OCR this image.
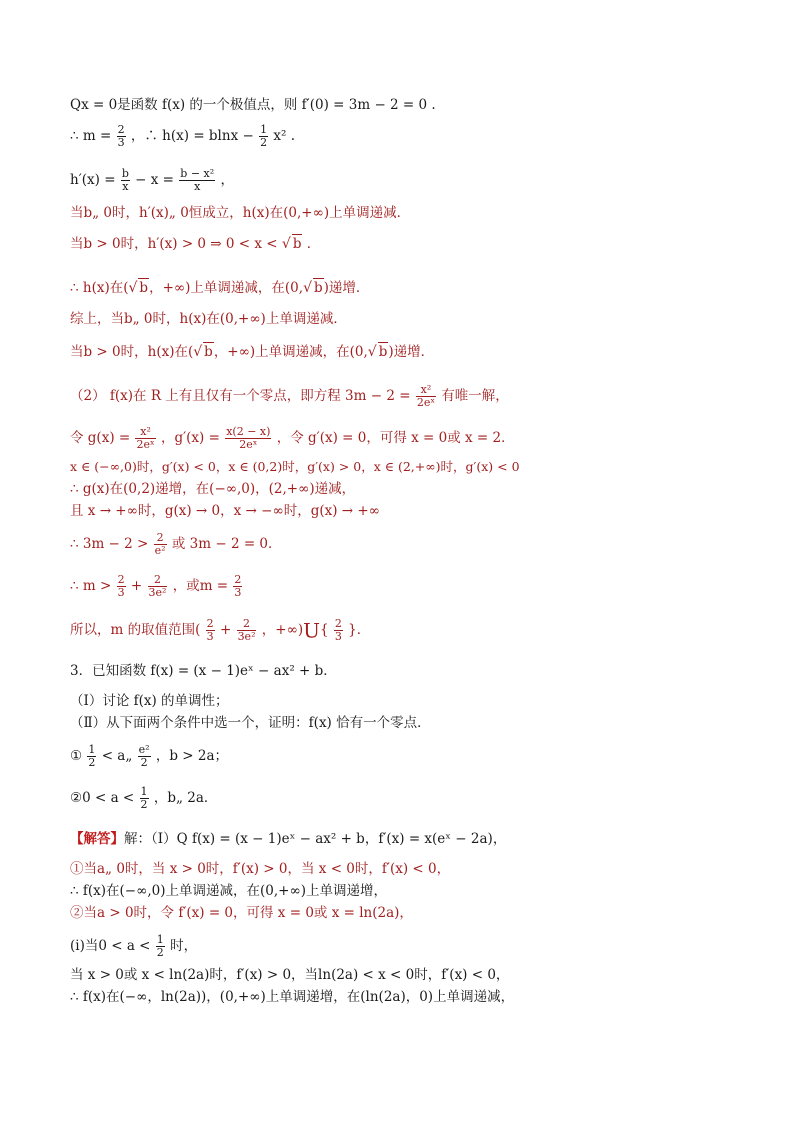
Qx = 0是函数 f(x) 的一个极值点，则 f′(0) = 3m − 2 = 0 .
∴ $m = \frac{2}{3}$ ，∴ $h(x) = blnx - \frac{1}{2} x^2$ .
$h'(x) = \frac{b}{x} - x = \frac{\text{b − x²}}{x}$ ，
当b„ 0时，h′(x)„ 0恒成立，h(x)在(0,+∞)上单调递减．
当b > 0时，h′(x) > 0 ⇒ 0 < x < √ b ．
∴ h(x)在(√ b，+∞)上单调递减，在(0,√ b)递增．
综上，当b„ 0时，h(x)在(0,+∞)上单调递减．
当b > 0时，h(x)在(√ b，+∞)上单调递减，在(0,√ b)递增．
（2） f(x)在 R 上有且仅有一个零点，即方程 $3m - 2 = \frac{\text{x²}}{\text{2eˣ}}$ 有唯一解，
令 $g(x) = \frac{\text{x²}}{\text{2eˣ}}$ ，$g'(x) = \frac{x(2 - x)}{\text{2eˣ}}$ ，令 g′(x) = 0，可得 x = 0或 x = 2．
x ∈ (−∞,0)时，g′(x) < 0，x ∈ (0,2)时，g′(x) > 0，x ∈ (2,+∞)时，g′(x) < 0
∴ g(x)在(0,2)递增，在(−∞,0)，(2,+∞)递减，
且 x → +∞时，g(x) → 0，x → −∞时，g(x) → +∞
∴ $3m - 2 > \frac{2}{\text{e²}}$ 或 3m − 2 = 0．
∴ $m > \frac{2}{3} + \frac{2}{\text{3e²}}$ ，或$m = \frac{2}{3}$
所以，m 的取值范围( $\frac{2}{3} + \frac{2}{\text{3e²}}$ ，$+\infty)U\{ \frac{2}{3}$ }．
3．已知函数 f(x) = (x − 1)eˣ − ax² + b．
（Ⅰ）讨论 f(x) 的单调性；
（Ⅱ）从下面两个条件中选一个，证明：f(x) 恰有一个零点．
① $\frac{1}{2}$ < a„ $\frac{\text{e²}}{2}$ ，b > 2a；
②0 < $a < \frac{1}{2}$ ，b„ 2a．
【解答】解：（Ⅰ）Q f(x) = (x − 1)eˣ − ax² + b，f′(x) = x(eˣ − 2a)，
①当a„ 0时，当 x > 0时，f′(x) > 0，当 x < 0时，f′(x) < 0，
∴ f(x)在(−∞,0)上单调递减，在(0,+∞)上单调递增，
②当a > 0时，令 f′(x) = 0，可得 x = 0或 x = ln(2a)，
(i)当$0 < a < \frac{1}{2}$ 时，
当 x > 0或 x < ln(2a)时，f′(x) > 0，当ln(2a) < x < 0时，f′(x) < 0，
∴ f(x)在(−∞，ln(2a))，(0,+∞)上单调递增，在(ln(2a)，0)上单调递减，
